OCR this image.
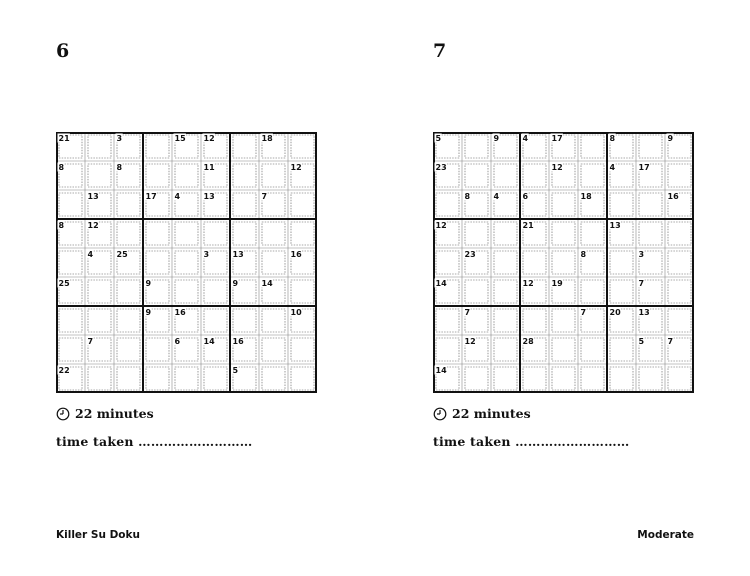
6
21	3	15 12	18
8	8	11	12
13	17 4	13	7
8	12
4	25	3	13	16
25	9	9	14
9	16	10
7	6	14 16
22	5
22 minutes
time taken ………………………
7
5	9	4	17	8	9
23	12	4	17
8	4	6	18	16
12	21	13
23	8	3
14	12 19	7
7	7	20 13
12	28	5	7
14
22 minutes
time taken ………………………
Killer Su Doku	Moderate
